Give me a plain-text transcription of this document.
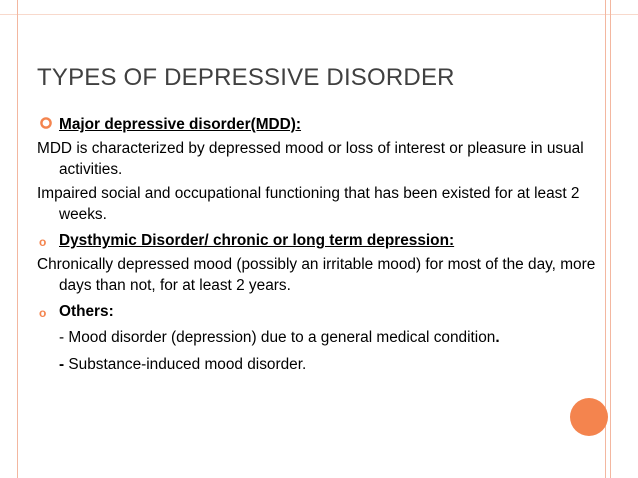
TYPES OF DEPRESSIVE DISORDER
Major depressive disorder(MDD):
MDD is characterized by depressed mood or loss of interest or pleasure in usual activities.
Impaired social and occupational functioning that has been existed for at least 2 weeks.
o Dysthymic Disorder/ chronic or long term depression:
Chronically depressed mood (possibly an irritable mood) for most of the day, more days than not, for at least 2 years.
o Others:
- Mood disorder (depression) due to a general medical condition.
- Substance-induced mood disorder.
